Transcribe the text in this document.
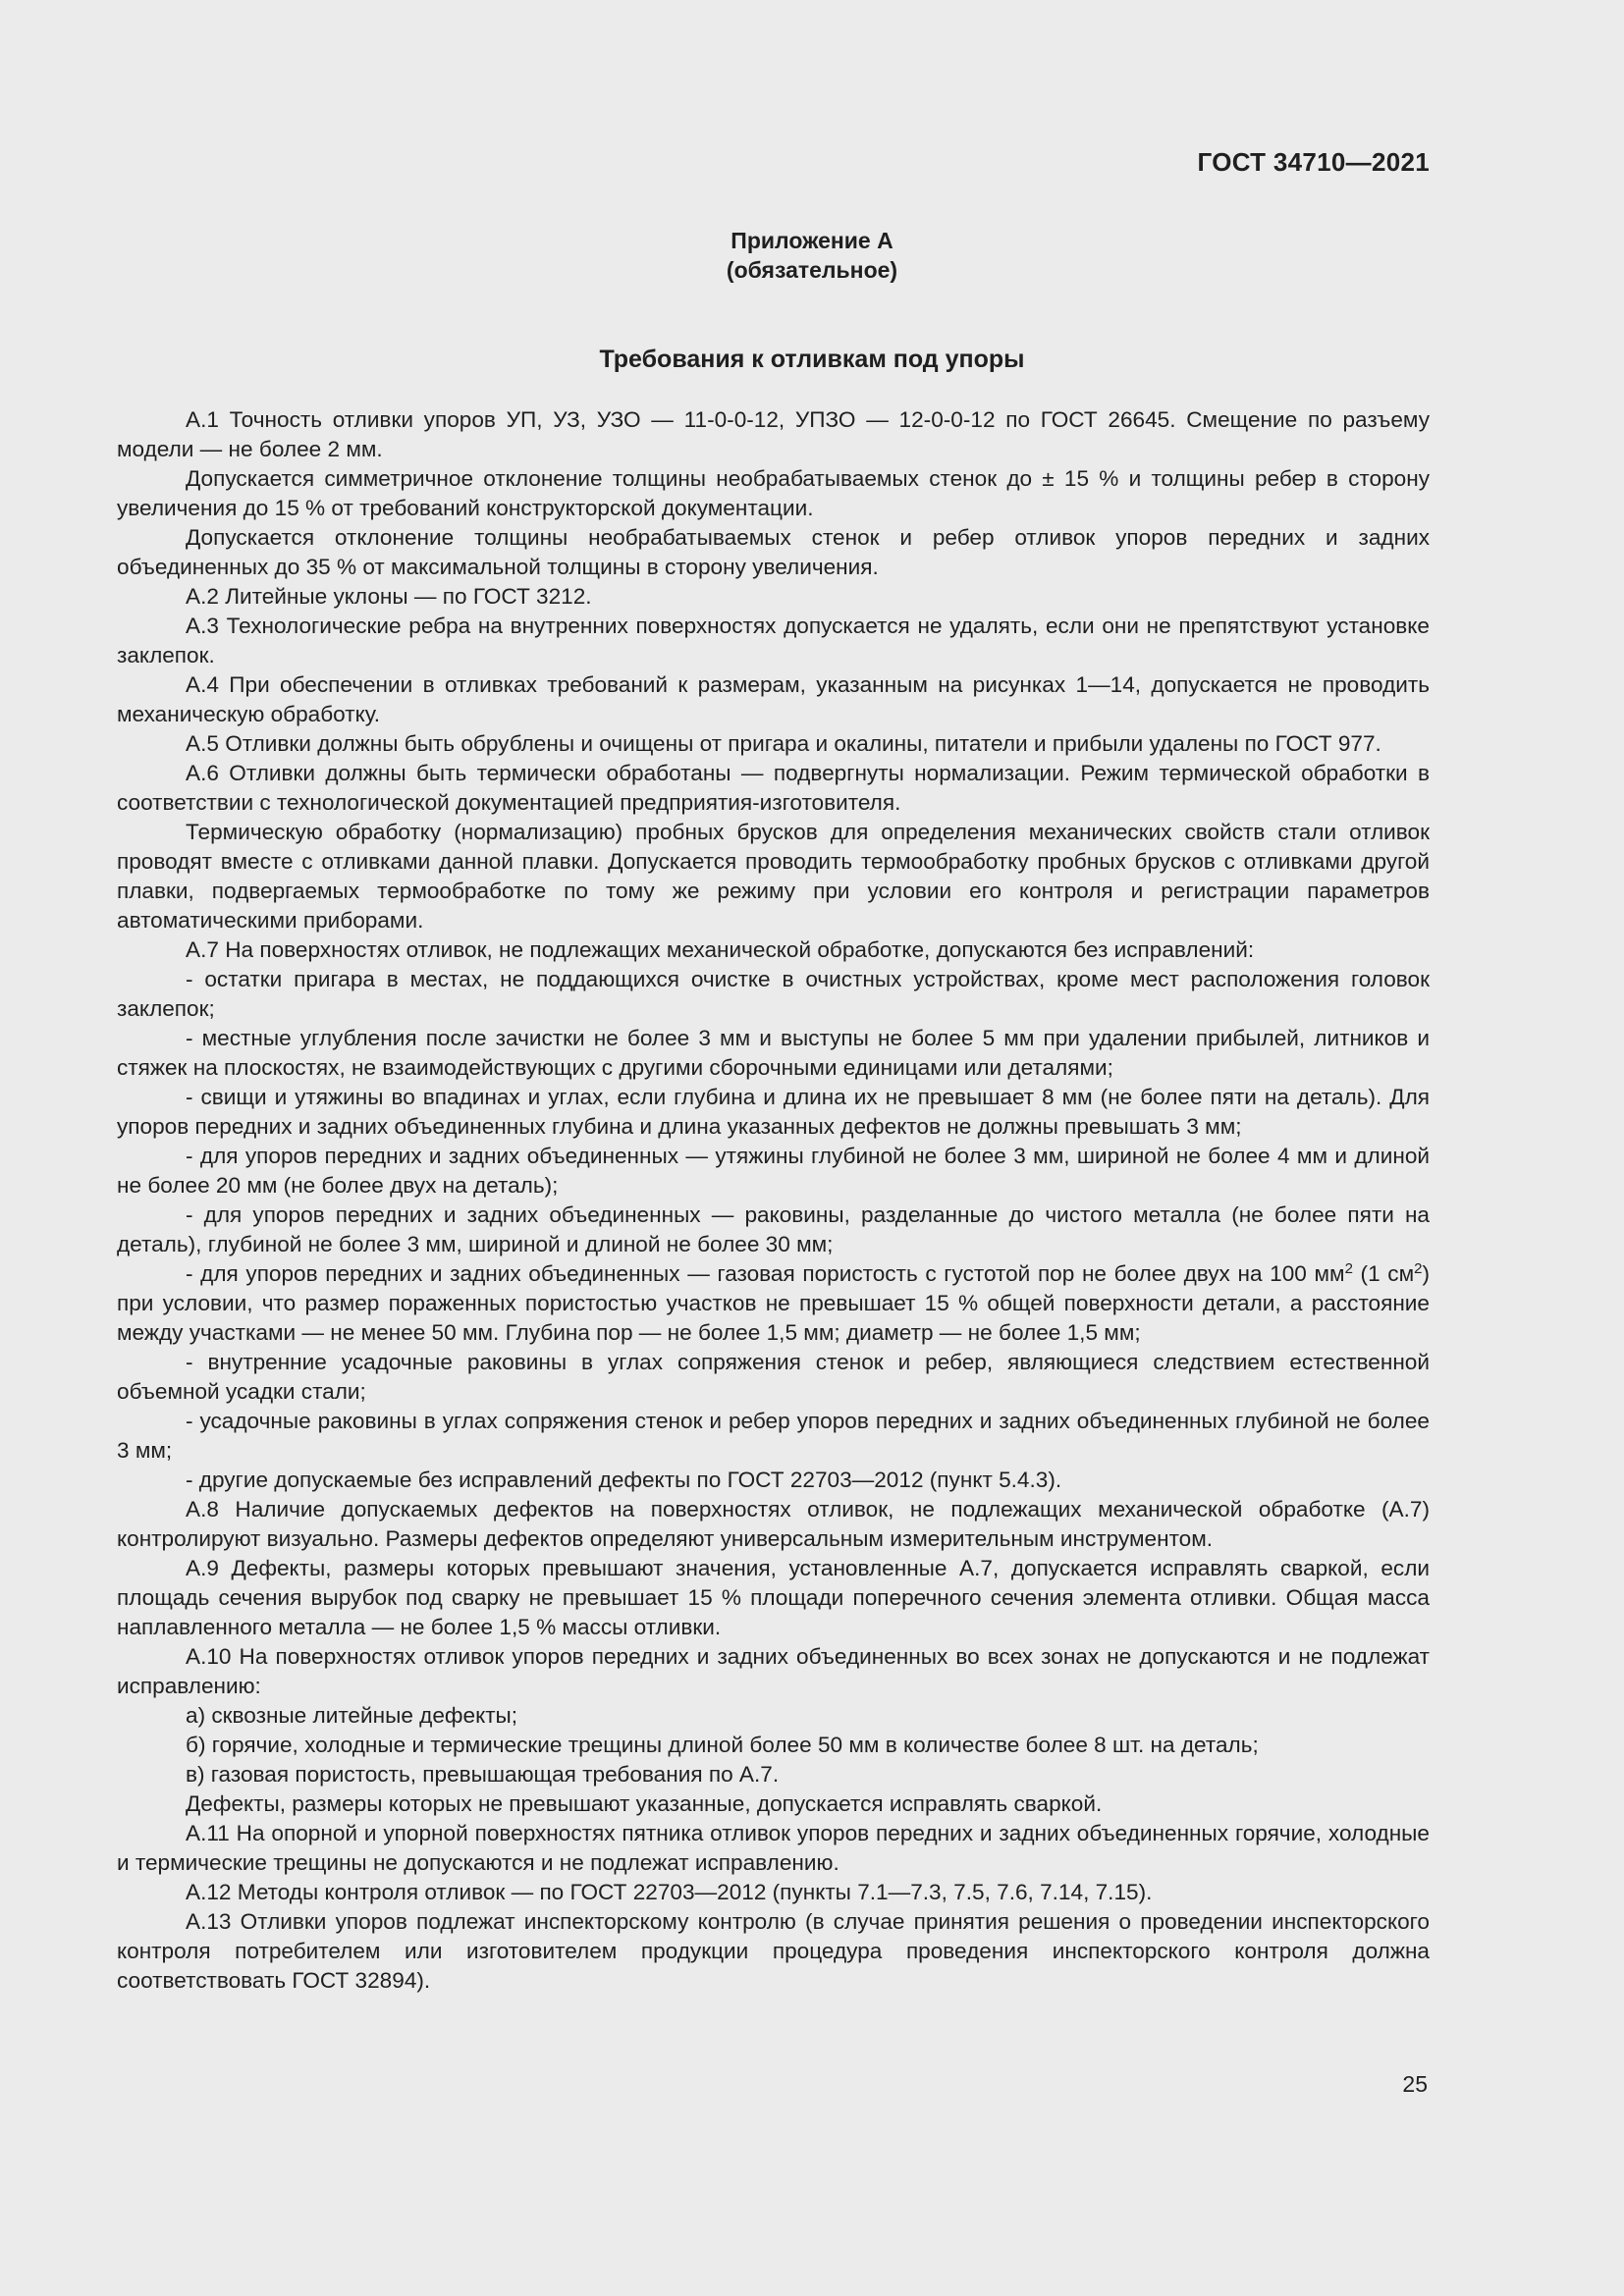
ГОСТ 34710—2021
Приложение А
(обязательное)
Требования к отливкам под упоры

А.1 Точность отливки упоров УП, УЗ, УЗО — 11-0-0-12, УПЗО — 12-0-0-12 по ГОСТ 26645. Смещение по разъему модели — не более 2 мм.

Допускается симметричное отклонение толщины необрабатываемых стенок до ± 15 % и толщины ребер в сторону увеличения до 15 % от требований конструкторской документации.

Допускается отклонение толщины необрабатываемых стенок и ребер отливок упоров передних и задних объединенных до 35 % от максимальной толщины в сторону увеличения.

А.2 Литейные уклоны — по ГОСТ 3212.

А.3 Технологические ребра на внутренних поверхностях допускается не удалять, если они не препятствуют установке заклепок.

А.4 При обеспечении в отливках требований к размерам, указанным на рисунках 1—14, допускается не проводить механическую обработку.

А.5 Отливки должны быть обрублены и очищены от пригара и окалины, питатели и прибыли удалены по ГОСТ 977.

А.6 Отливки должны быть термически обработаны — подвергнуты нормализации. Режим термической обработки в соответствии с технологической документацией предприятия-изготовителя.

Термическую обработку (нормализацию) пробных брусков для определения механических свойств стали отливок проводят вместе с отливками данной плавки. Допускается проводить термообработку пробных брусков с отливками другой плавки, подвергаемых термообработке по тому же режиму при условии его контроля и регистрации параметров автоматическими приборами.

А.7 На поверхностях отливок, не подлежащих механической обработке, допускаются без исправлений:

- остатки пригара в местах, не поддающихся очистке в очистных устройствах, кроме мест расположения головок заклепок;

- местные углубления после зачистки не более 3 мм и выступы не более 5 мм при удалении прибылей, литников и стяжек на плоскостях, не взаимодействующих с другими сборочными единицами или деталями;

- свищи и утяжины во впадинах и углах, если глубина и длина их не превышает 8 мм (не более пяти на деталь). Для упоров передних и задних объединенных глубина и длина указанных дефектов не должны превышать 3 мм;

- для упоров передних и задних объединенных — утяжины глубиной не более 3 мм, шириной не более 4 мм и длиной не более 20 мм (не более двух на деталь);

- для упоров передних и задних объединенных — раковины, разделанные до чистого металла (не более пяти на деталь), глубиной не более 3 мм, шириной и длиной не более 30 мм;

- для упоров передних и задних объединенных — газовая пористость с густотой пор не более двух на 100 $мм^2$ (1 $см^2$) при условии, что размер пораженных пористостью участков не превышает 15 % общей поверхности детали, а расстояние между участками — не менее 50 мм. Глубина пор — не более 1,5 мм; диаметр — не более 1,5 мм;

- внутренние усадочные раковины в углах сопряжения стенок и ребер, являющиеся следствием естественной объемной усадки стали;

- усадочные раковины в углах сопряжения стенок и ребер упоров передних и задних объединенных глубиной не более 3 мм;

- другие допускаемые без исправлений дефекты по ГОСТ 22703—2012 (пункт 5.4.3).

А.8 Наличие допускаемых дефектов на поверхностях отливок, не подлежащих механической обработке (А.7) контролируют визуально. Размеры дефектов определяют универсальным измерительным инструментом.

А.9 Дефекты, размеры которых превышают значения, установленные А.7, допускается исправлять сваркой, если площадь сечения вырубок под сварку не превышает 15 % площади поперечного сечения элемента отливки. Общая масса наплавленного металла — не более 1,5 % массы отливки.

А.10 На поверхностях отливок упоров передних и задних объединенных во всех зонах не допускаются и не подлежат исправлению:

а) сквозные литейные дефекты;

б) горячие, холодные и термические трещины длиной более 50 мм в количестве более 8 шт. на деталь;

в) газовая пористость, превышающая требования по А.7.

Дефекты, размеры которых не превышают указанные, допускается исправлять сваркой.

А.11 На опорной и упорной поверхностях пятника отливок упоров передних и задних объединенных горячие, холодные и термические трещины не допускаются и не подлежат исправлению.

А.12 Методы контроля отливок — по ГОСТ 22703—2012 (пункты 7.1—7.3, 7.5, 7.6, 7.14, 7.15).

А.13 Отливки упоров подлежат инспекторскому контролю (в случае принятия решения о проведении инспекторского контроля потребителем или изготовителем продукции процедура проведения инспекторского контроля должна соответствовать ГОСТ 32894).

25
